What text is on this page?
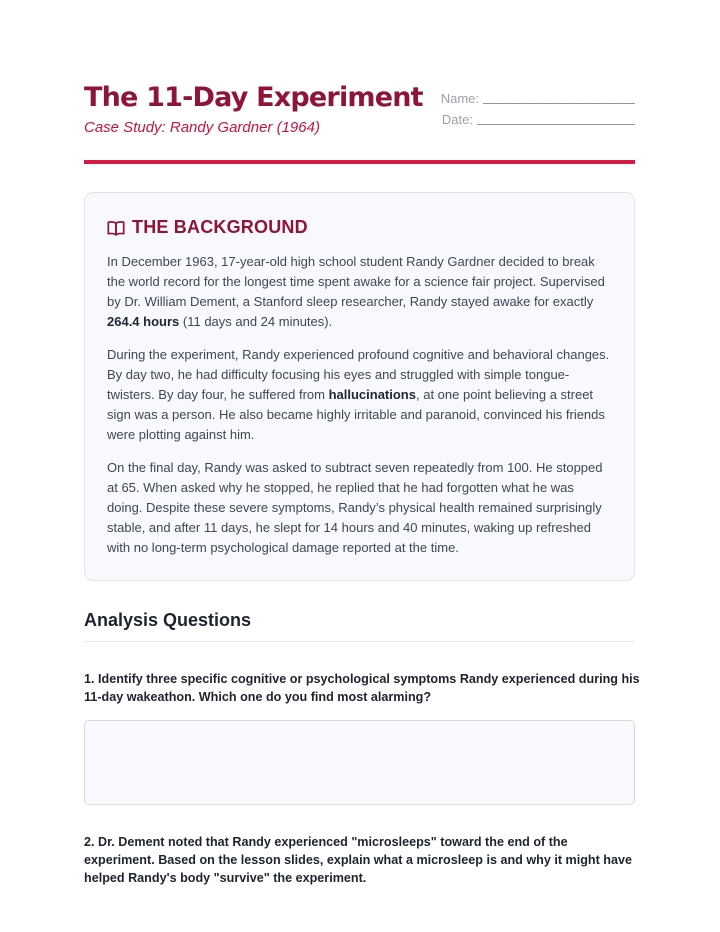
The 11-Day Experiment
Case Study: Randy Gardner (1964)
Name:
Date:
THE BACKGROUND

In December 1963, 17-year-old high school student Randy Gardner decided to break the world record for the longest time spent awake for a science fair project. Supervised by Dr. William Dement, a Stanford sleep researcher, Randy stayed awake for exactly 264.4 hours (11 days and 24 minutes).

During the experiment, Randy experienced profound cognitive and behavioral changes. By day two, he had difficulty focusing his eyes and struggled with simple tongue-twisters. By day four, he suffered from hallucinations, at one point believing a street sign was a person. He also became highly irritable and paranoid, convinced his friends were plotting against him.

On the final day, Randy was asked to subtract seven repeatedly from 100. He stopped at 65. When asked why he stopped, he replied that he had forgotten what he was doing. Despite these severe symptoms, Randy’s physical health remained surprisingly stable, and after 11 days, he slept for 14 hours and 40 minutes, waking up refreshed with no long-term psychological damage reported at the time.

Analysis Questions

1. Identify three specific cognitive or psychological symptoms Randy experienced during his 11-day wakeathon. Which one do you find most alarming?

2. Dr. Dement noted that Randy experienced "microsleeps" toward the end of the experiment. Based on the lesson slides, explain what a microsleep is and why it might have helped Randy's body "survive" the experiment.
